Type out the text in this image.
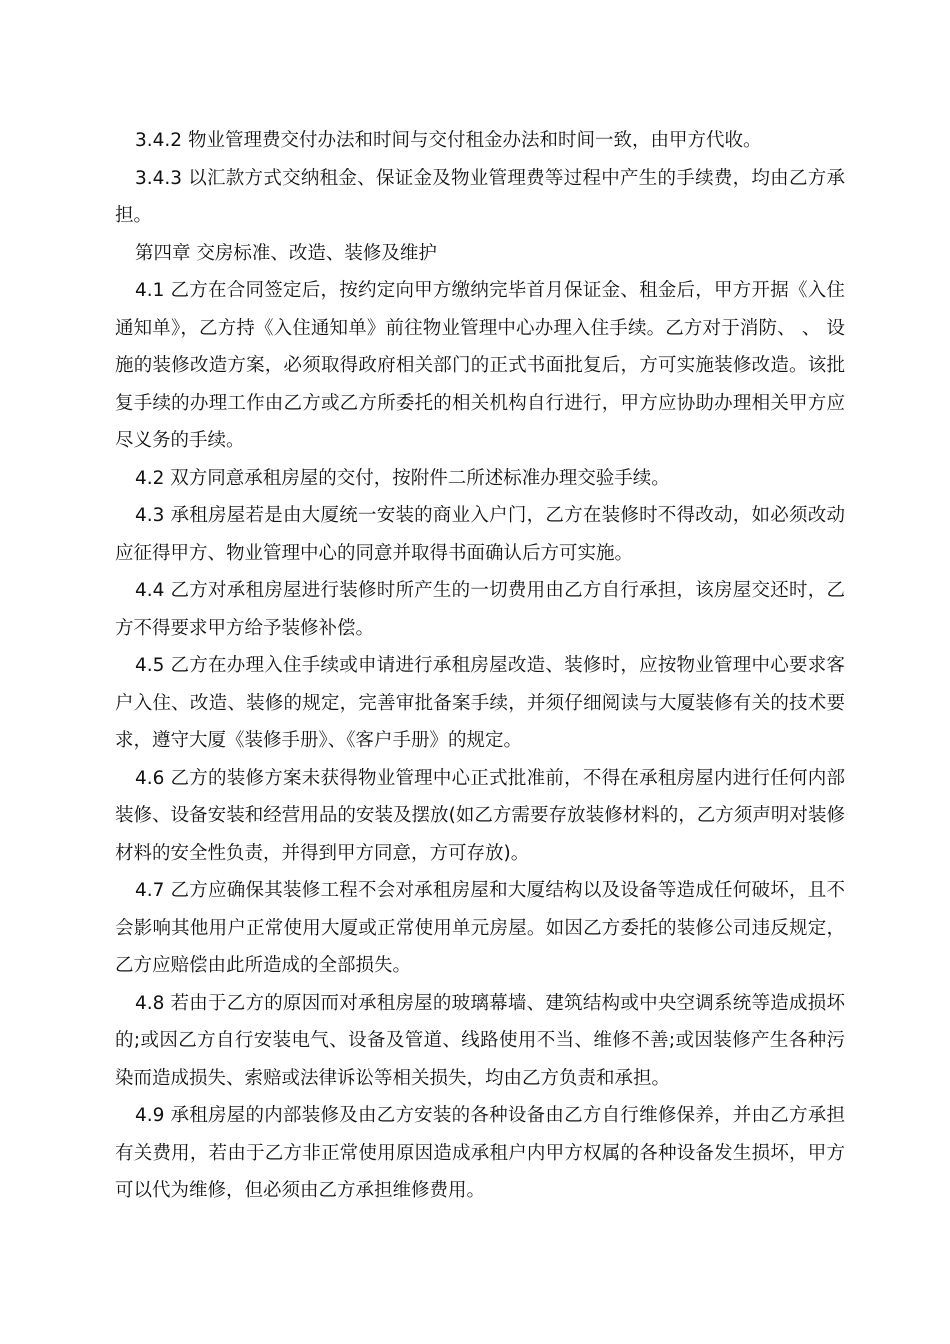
3.4.2 物业管理费交付办法和时间与交付租金办法和时间一致，由甲方代收。

3.4.3 以汇款方式交纳租金、保证金及物业管理费等过程中产生的手续费，均由乙方承担。

第四章 交房标准、改造、装修及维护

4.1 乙方在合同签定后，按约定向甲方缴纳完毕首月保证金、租金后，甲方开据《入住通知单》，乙方持《入住通知单》前往物业管理中心办理入住手续。乙方对于消防、 、 设施的装修改造方案，必须取得政府相关部门的正式书面批复后，方可实施装修改造。该批复手续的办理工作由乙方或乙方所委托的相关机构自行进行，甲方应协助办理相关甲方应尽义务的手续。

4.2 双方同意承租房屋的交付，按附件二所述标准办理交验手续。

4.3 承租房屋若是由大厦统一安装的商业入户门，乙方在装修时不得改动，如必须改动应征得甲方、物业管理中心的同意并取得书面确认后方可实施。

4.4 乙方对承租房屋进行装修时所产生的一切费用由乙方自行承担，该房屋交还时，乙方不得要求甲方给予装修补偿。

4.5 乙方在办理入住手续或申请进行承租房屋改造、装修时，应按物业管理中心要求客户入住、改造、装修的规定，完善审批备案手续，并须仔细阅读与大厦装修有关的技术要求，遵守大厦《装修手册》、《客户手册》的规定。

4.6 乙方的装修方案未获得物业管理中心正式批准前，不得在承租房屋内进行任何内部装修、设备安装和经营用品的安装及摆放(如乙方需要存放装修材料的，乙方须声明对装修材料的安全性负责，并得到甲方同意，方可存放)。

4.7 乙方应确保其装修工程不会对承租房屋和大厦结构以及设备等造成任何破坏，且不会影响其他用户正常使用大厦或正常使用单元房屋。如因乙方委托的装修公司违反规定，乙方应赔偿由此所造成的全部损失。

4.8 若由于乙方的原因而对承租房屋的玻璃幕墙、建筑结构或中央空调系统等造成损坏的;或因乙方自行安装电气、设备及管道、线路使用不当、维修不善;或因装修产生各种污染而造成损失、索赔或法律诉讼等相关损失，均由乙方负责和承担。

4.9 承租房屋的内部装修及由乙方安装的各种设备由乙方自行维修保养，并由乙方承担有关费用，若由于乙方非正常使用原因造成承租户内甲方权属的各种设备发生损坏，甲方可以代为维修，但必须由乙方承担维修费用。
